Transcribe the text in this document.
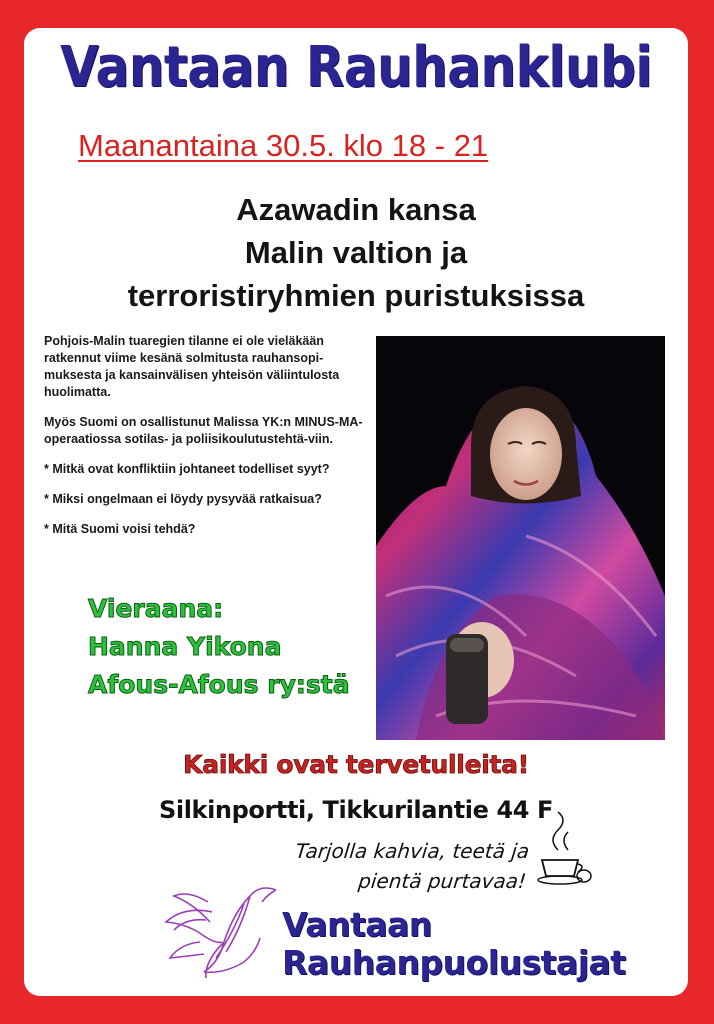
Vantaan Rauhanklubi
Maanantaina 30.5. klo 18 - 21
Azawadin kansa
Malin valtion ja
terroristiryhmien puristuksissa

Pohjois-Malin tuaregien tilanne ei ole vieläkään ratkennut viime kesänä solmitusta rauhansopi-muksesta ja kansainvälisen yhteisön väliintulosta huolimatta.

Myös Suomi on osallistunut Malissa YK:n MINUS-MA-operaatiossa sotilas- ja poliisikoulutustehtä-viin.

* Mitkä ovat konfliktiin johtaneet todelliset syyt?

* Miksi ongelmaan ei löydy pysyvää ratkaisua?

* Mitä Suomi voisi tehdä?

Vieraana:
Hanna Yikona
Afous-Afous ry:stä
Kaikki ovat tervetulleita!
Silkinportti, Tikkurilantie 44 F
Tarjolla kahvia, teetä ja
pientä purtavaa!
Vantaan
Rauhanpuolustajat
